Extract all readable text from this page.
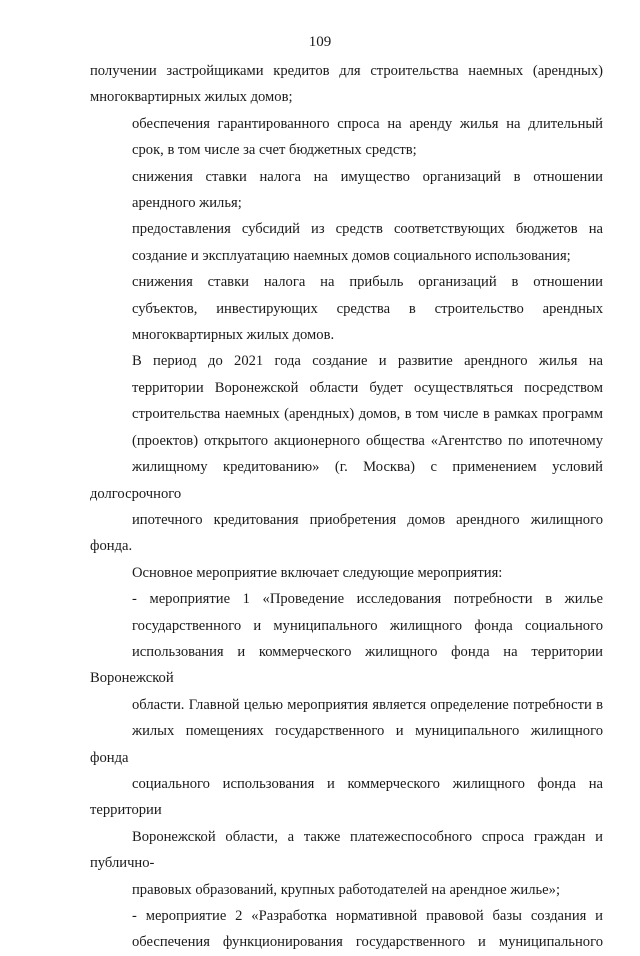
109

получении застройщиками кредитов для строительства наемных (арендных)
многоквартирных жилых домов;

обеспечения гарантированного спроса на аренду жилья на длительный
срок, в том числе за счет бюджетных средств;

снижения ставки налога на имущество организаций в отношении
арендного жилья;

предоставления субсидий из средств соответствующих бюджетов на
создание и эксплуатацию наемных домов социального использования;

снижения ставки налога на прибыль организаций в отношении
субъектов, инвестирующих средства в строительство арендных
многоквартирных жилых домов.

В период до 2021 года создание и развитие арендного жилья на
территории Воронежской области будет осуществляться посредством
строительства наемных (арендных) домов, в том числе в рамках программ
(проектов) открытого акционерного общества «Агентство по ипотечному
жилищному кредитованию» (г. Москва) с применением условий долгосрочного
ипотечного кредитования приобретения домов арендного жилищного фонда.

Основное мероприятие включает следующие мероприятия:

- мероприятие 1 «Проведение исследования потребности в жилье
государственного и муниципального жилищного фонда социального
использования и коммерческого жилищного фонда на территории Воронежской
области. Главной целью мероприятия является определение потребности в
жилых помещениях государственного и муниципального жилищного фонда
социального использования и коммерческого жилищного фонда на территории
Воронежской области, а также платежеспособного спроса граждан и публично-
правовых образований, крупных работодателей на арендное жилье»;

- мероприятие 2 «Разработка нормативной правовой базы создания и
обеспечения функционирования государственного и муниципального
